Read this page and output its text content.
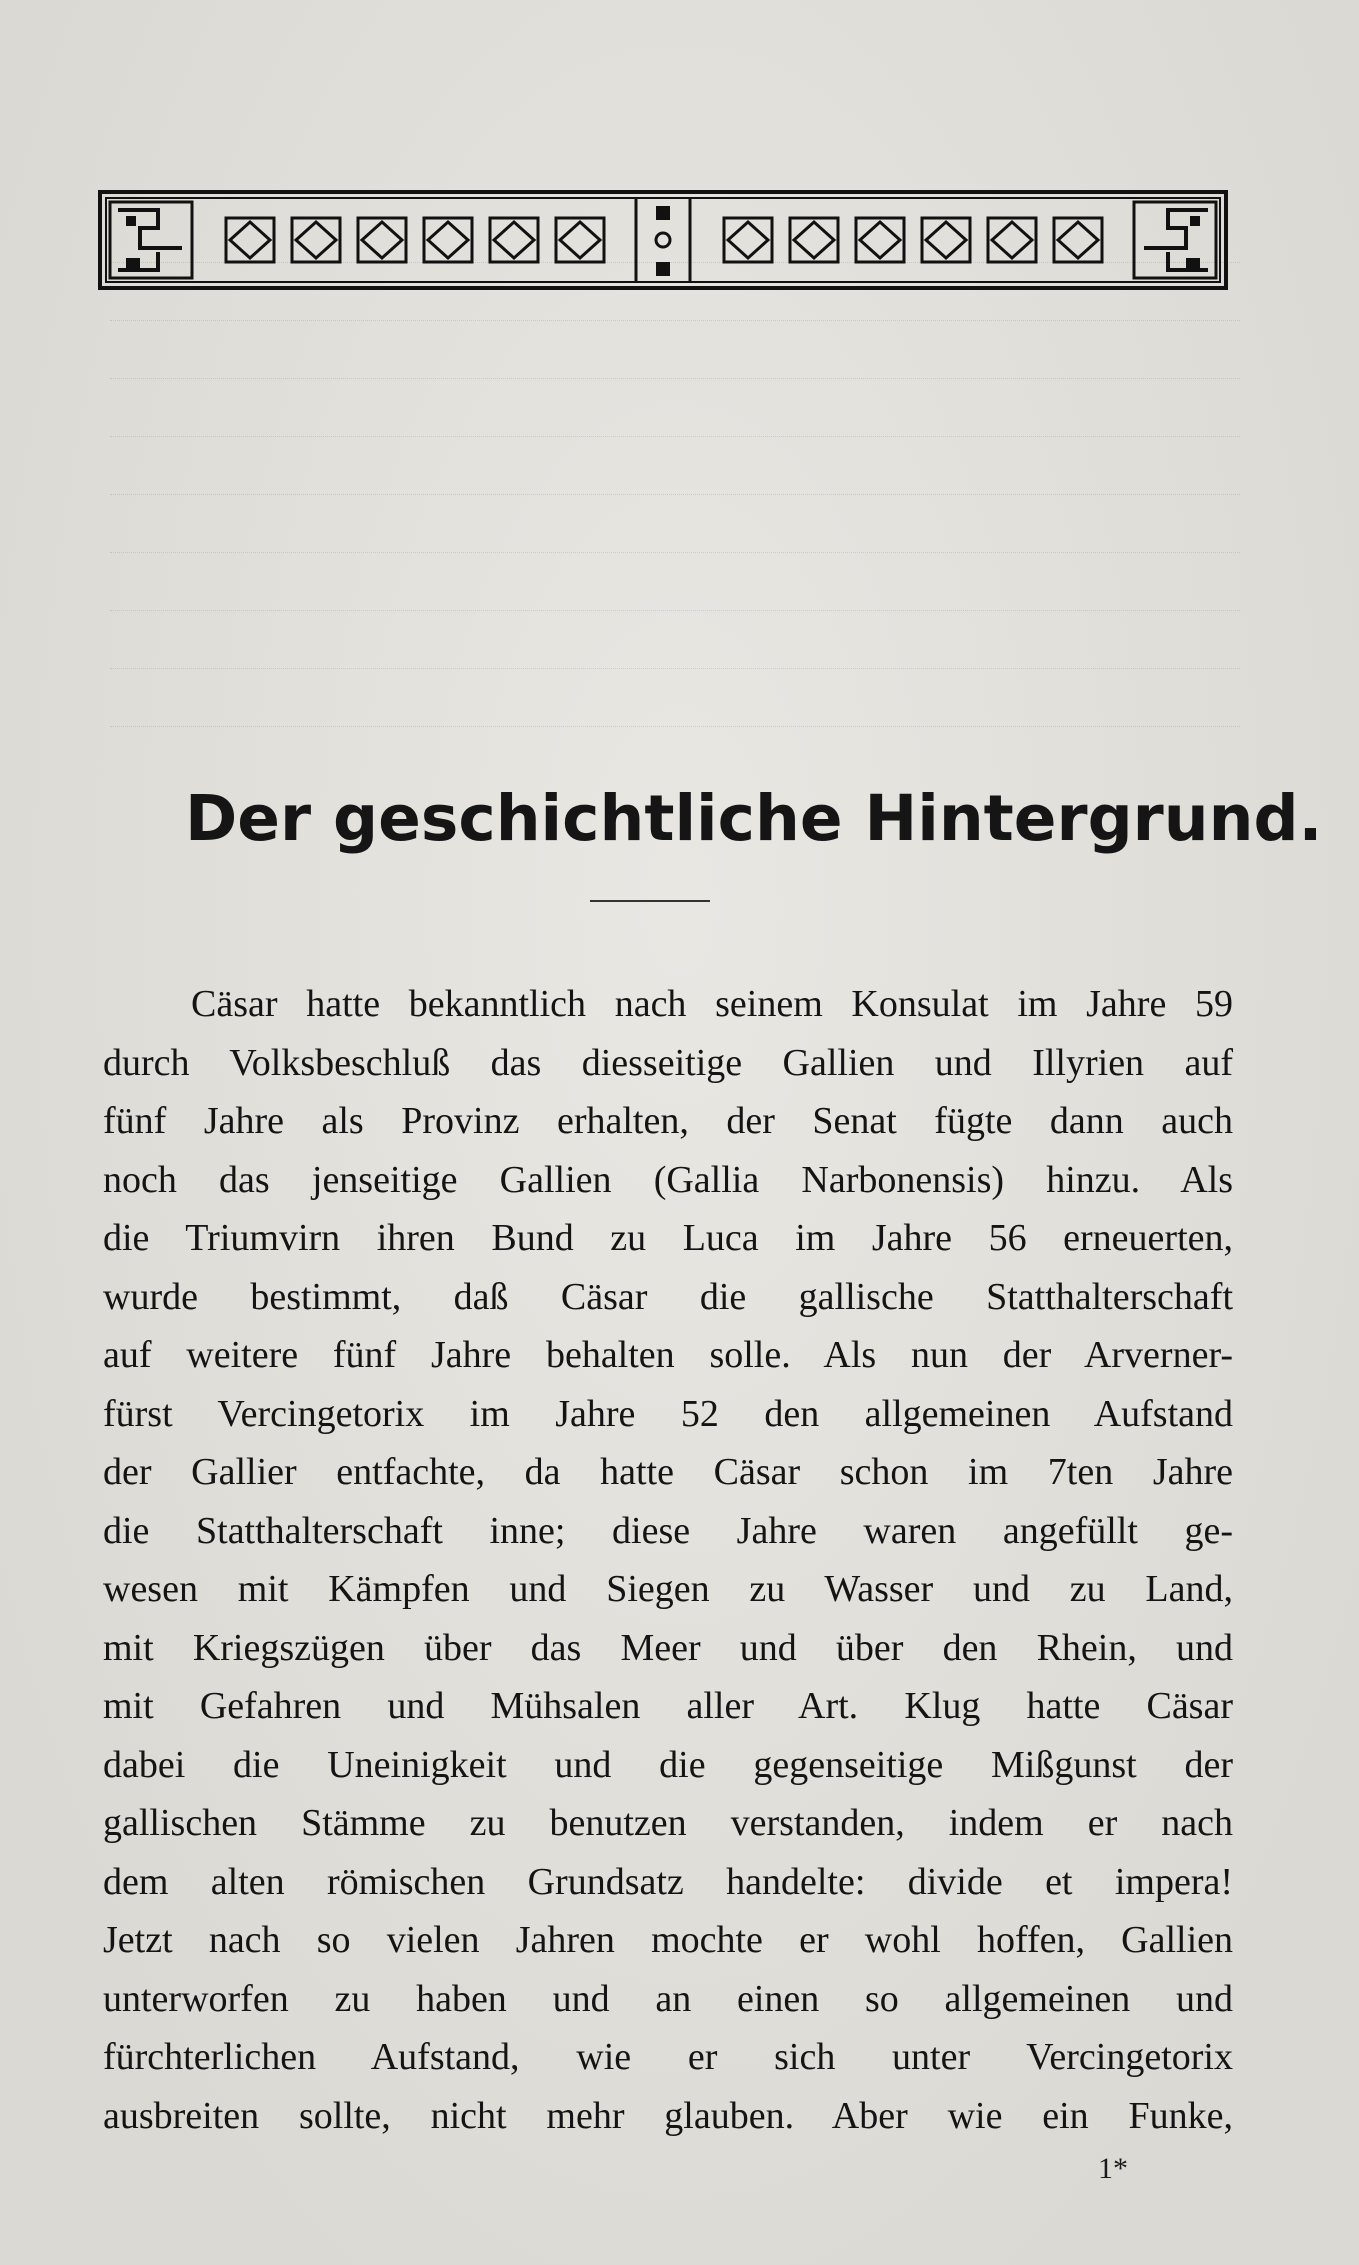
Der geschichtliche Hintergrund.
Cäsar hatte bekanntlich nach seinem Konsulat im Jahre 59
durch Volksbeschluß das diesseitige Gallien und Illyrien auf
fünf Jahre als Provinz erhalten, der Senat fügte dann auch
noch das jenseitige Gallien (Gallia Narbonensis) hinzu. Als
die Triumvirn ihren Bund zu Luca im Jahre 56 erneuerten,
wurde bestimmt, daß Cäsar die gallische Statthalterschaft
auf weitere fünf Jahre behalten solle. Als nun der Arverner-
fürst Vercingetorix im Jahre 52 den allgemeinen Aufstand
der Gallier entfachte, da hatte Cäsar schon im 7ten Jahre
die Statthalterschaft inne; diese Jahre waren angefüllt ge-
wesen mit Kämpfen und Siegen zu Wasser und zu Land,
mit Kriegszügen über das Meer und über den Rhein, und
mit Gefahren und Mühsalen aller Art. Klug hatte Cäsar
dabei die Uneinigkeit und die gegenseitige Mißgunst der
gallischen Stämme zu benutzen verstanden, indem er nach
dem alten römischen Grundsatz handelte: divide et impera!
Jetzt nach so vielen Jahren mochte er wohl hoffen, Gallien
unterworfen zu haben und an einen so allgemeinen und
fürchterlichen Aufstand, wie er sich unter Vercingetorix
ausbreiten sollte, nicht mehr glauben. Aber wie ein Funke,
1*
